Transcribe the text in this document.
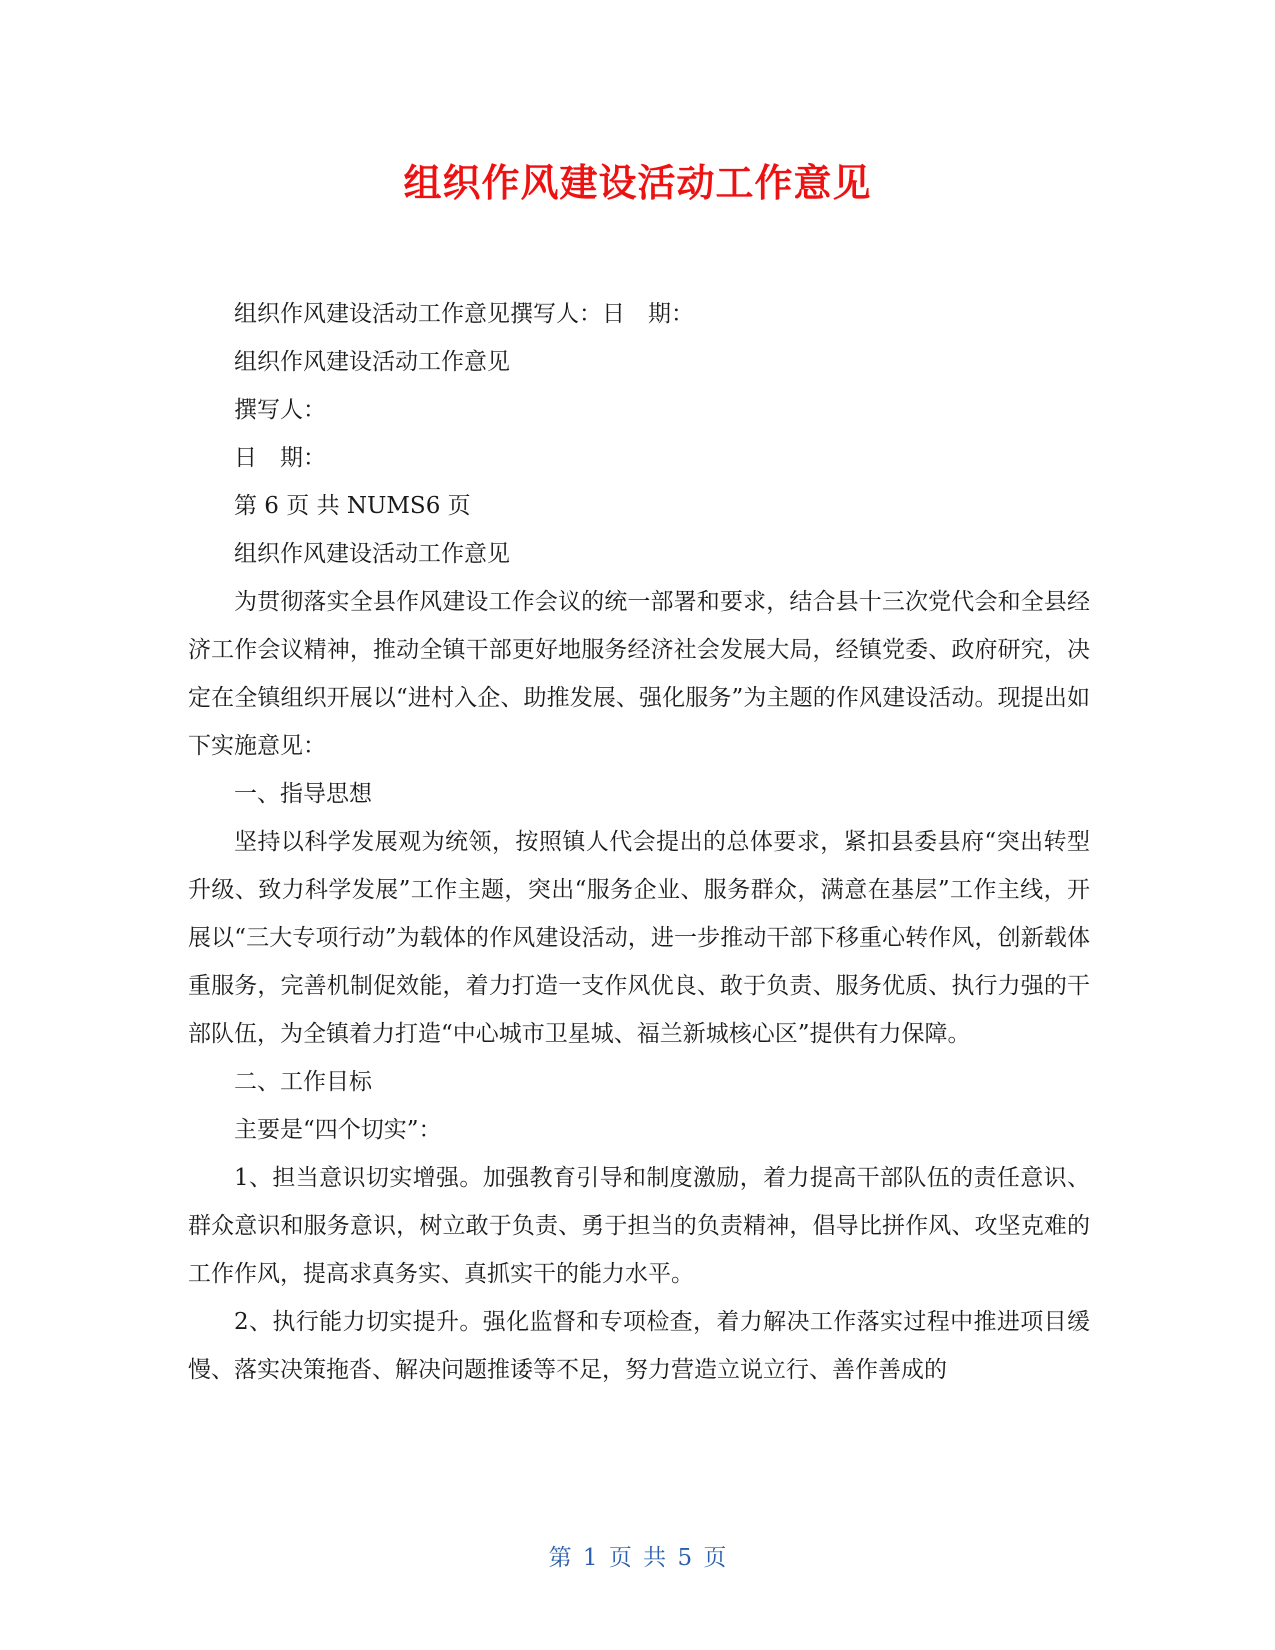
组织作风建设活动工作意见

组织作风建设活动工作意见撰写人：日　期：

组织作风建设活动工作意见

撰写人：

日　期：

第 6 页 共 NUMS6 页

组织作风建设活动工作意见

为贯彻落实全县作风建设工作会议的统一部署和要求，结合县十三次党代会和全县经济工作会议精神，推动全镇干部更好地服务经济社会发展大局，经镇党委、政府研究，决定在全镇组织开展以“进村入企、助推发展、强化服务”为主题的作风建设活动。现提出如下实施意见：

一、指导思想

坚持以科学发展观为统领，按照镇人代会提出的总体要求，紧扣县委县府“突出转型升级、致力科学发展”工作主题，突出“服务企业、服务群众，满意在基层”工作主线，开展以“三大专项行动”为载体的作风建设活动，进一步推动干部下移重心转作风，创新载体重服务，完善机制促效能，着力打造一支作风优良、敢于负责、服务优质、执行力强的干部队伍，为全镇着力打造“中心城市卫星城、福兰新城核心区”提供有力保障。

二、工作目标

主要是“四个切实”：

1、担当意识切实增强。加强教育引导和制度激励，着力提高干部队伍的责任意识、群众意识和服务意识，树立敢于负责、勇于担当的负责精神，倡导比拼作风、攻坚克难的工作作风，提高求真务实、真抓实干的能力水平。

2、执行能力切实提升。强化监督和专项检查，着力解决工作落实过程中推进项目缓慢、落实决策拖沓、解决问题推诿等不足，努力营造立说立行、善作善成的

第 1 页 共 5 页
